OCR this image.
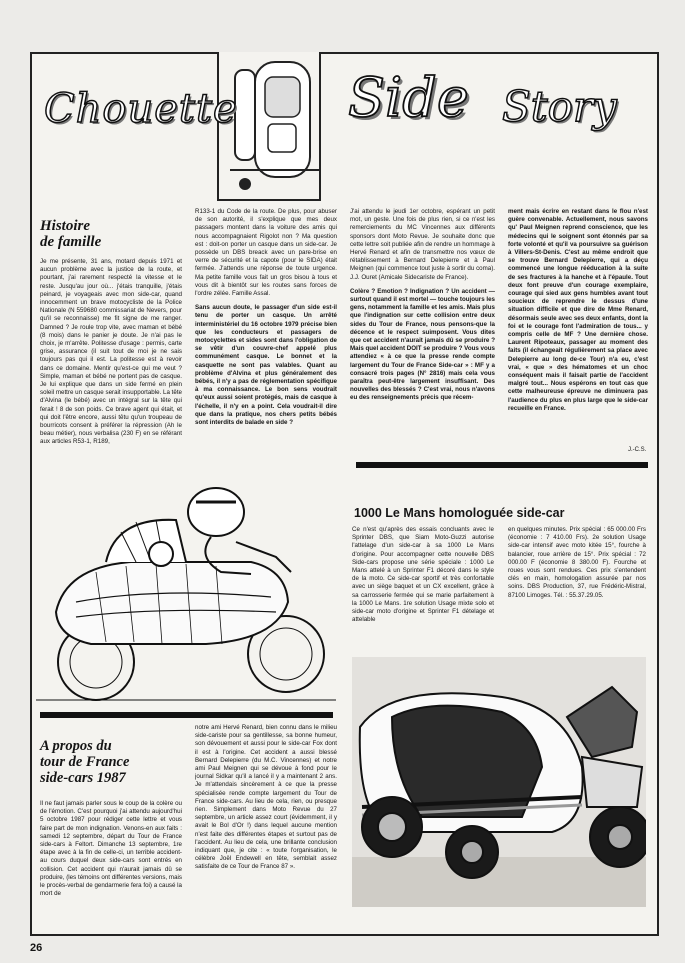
Chouette Side Story
Histoire
de famille

Je me présente, 31 ans, motard depuis 1971 et aucun problème avec la justice de la route, et pourtant, j'ai rarement respecté la vitesse et le reste. Jusqu'au jour où... j'étais tranquille, j'étais peinard, je voyageais avec mon side-car, quand innocemment un brave motocycliste de la Police Nationale (N 559680 commissariat de Nevers, pour qu'il se reconnaisse) me fit signe de me ranger. Damned ? Je roule trop vite, avec maman et bébé (8 mois) dans le panier je doute. Je n'ai pas le choix, je m'arrête. Politesse d'usage : permis, carte grise, assurance (il suit tout de moi je ne sais toujours pas qui il est. La politesse est à revoir dans ce domaine. Mentir qu'est-ce qui me veut ? Simple, maman et bébé ne portent pas de casque. Je lui explique que dans un side fermé en plein soleil mettre un casque serait insupportable. La tête d'Alvina (le bébé) avec un intégral sur la tête qui ferait ! 8 de son poids. Ce brave agent qui était, et qui doit l'être encore, aussi têtu qu'un troupeau de bourricots consent à préférer la répression (Ah le beau métier), nous verbalisa (230 F) en se référant aux articles R53-1, R189,

R133-1 du Code de la route. De plus, pour abuser de son autorité, il s'explique que mes deux passagers montent dans la voiture des amis qui nous accompagnaient Rigolot non ? Ma question est : doit-on porter un casque dans un side-car. Je possède un DBS breack avec un pare-brise en verre de sécurité et la capote (pour le SIDA) était fermée. J'attends une réponse de toute urgence. Ma petite famille vous fait un gros bisou à tous et vous dit à bientôt sur les routes sans forces de l'ordre zélée. Famille Assal.

Sans aucun doute, le passager d'un side est-il tenu de porter un casque. Un arrêté interministériel du 16 octobre 1979 précise bien que les conducteurs et passagers de motocyclettes et sides sont dans l'obligation de se vêtir d'un couvre-chef appelé plus communément casque. Le bonnet et la casquette ne sont pas valables. Quant au problème d'Alvina et plus généralement des bébés, il n'y a pas de réglementation spécifique à ma connaissance. Le bon sens voudrait qu'eux aussi soient protégés, mais de casque à l'échelle, il n'y en a point. Cela voudrait-il dire que dans la pratique, nos chers petits bébés sont interdits de balade en side ?

J'ai attendu le jeudi 1er octobre, espérant un petit mot, un geste. Une fois de plus rien, si ce n'est les remerciements du MC Vincennes aux différents sponsors dont Moto Revue. Je souhaite donc que cette lettre soit publiée afin de rendre un hommage à Hervé Renard et afin de transmettre nos vœux de rétablissement à Bernard Delepierre et à Paul Meignen (qui commence tout juste à sortir du coma). J.J. Ouret (Amicale Sidecariste de France).

Colère ? Emotion ? Indignation ? Un accident — surtout quand il est mortel — touche toujours les gens, notamment la famille et les amis. Mais plus que l'indignation sur cette collision entre deux sides du Tour de France, nous pensons-que la décence et le respect suimposent. Vous dites que cet accident n'aurait jamais dû se produire ? Mais quel accident DOIT se produire ? Vous vous attendiez « à ce que la presse rende compte largement du Tour de France Side-car » : MF y a consacré trois pages (N° 2816) mais cela vous paraîtra peut-être largement insuffisant. Des nouvelles des blessés ? C'est vrai, nous n'avons eu des renseignements précis que récem-

ment mais écrire en restant dans le flou n'est guère convenable. Actuellement, nous savons qu' Paul Meignen reprend conscience, que les médecins qui le soignent sont étonnés par sa forte volonté et qu'il va poursuivre sa guérison à Villers-St-Denis. C'est au même endroit que se trouve Bernard Delepierre, qui a déçu commencé une longue rééducation à la suite de ses fractures à la hanche et à l'épaule. Tout deux font preuve d'un courage exemplaire, courage qui sied aux gens humbles avant tout soucieux de reprendre le dessus d'une situation difficile et que dire de Mme Renard, désormais seule avec ses deux enfants, dont la foi et le courage font l'admiration de tous... y compris celle de MF ? Une dernière chose. Laurent Ripoteaux, passager au moment des faits (il échangeait régulièrement sa place avec Delepierre au long de-ce Tour) n'a eu, c'est vrai, « que » des hématomes et un choc conséquent mais il faisait partie de l'accident malgré tout... Nous espérons en tout cas que cette malheureuse épreuve ne diminuera pas l'audience du plus en plus large que le side-car recueille en France.

J.-C.S.
1000 Le Mans homologuée side-car

Ce n'est qu'après des essais concluants avec le Sprinter DBS, que Siam Moto-Guzzi autorise l'attelage d'un side-car à sa 1000 Le Mans d'origine. Pour accompagner cette nouvelle DBS Side-cars propose une série spéciale : 1000 Le Mans attelé à un Sprinter F1 décoré dans le style de la moto. Ce side-car sportif et très confortable avec un siège baquet et un CX excellent, grâce à sa carrosserie fermée qui se marie parfaitement à la 1000 Le Mans. 1re solution Usage mixte solo et side-car moto d'origine et Sprinter F1 dételage et attelable

en quelques minutes. Prix spécial : 65 000.00 Frs (économie : 7 410.00 Frs). 2e solution Usage side-car intensif avec moto kitée 15°, fourche à balancier, roue arrière de 15°. Prix spécial : 72 000.00 F (économie 8 380.00 F). Fourche et roues vous sont rendues. Ces prix s'entendent clés en main, homologation assurée par nos soins. DBS Production, 37, rue Frédéric-Mistral, 87100 Limoges. Tél. : 55.37.29.05.

A propos du
tour de France
side-cars 1987

Il ne faut jamais parler sous le coup de la colère ou de l'émotion. C'est pourquoi j'ai attendu aujourd'hui 5 octobre 1987 pour rédiger cette lettre et vous faire part de mon indignation. Venons-en aux faits : samedi 12 septembre, départ du Tour de France side-cars à Feltort. Dimanche 13 septembre, 1re étape avec à la fin de celle-ci, un terrible accident-au cours duquel deux side-cars sont entrés en collision. Cet accident qui n'aurait jamais dû se produire, (les témoins ont différentes versions, mais le procès-verbal de gendarmerie fera foi) a causé la mort de

notre ami Hervé Renard, bien connu dans le milieu side-cariste pour sa gentillesse, sa bonne humeur, son dévouement et aussi pour le side-car Fox dont il est à l'origine. Cet accident a aussi blessé Bernard Delepierre (du M.C. Vincennes) et notre ami Paul Meignen qui se dévoue à fond pour le journal Sidkar qu'il a lancé il y a maintenant 2 ans. Je m'attendais sincèrement à ce que la presse spécialisée rende compte largement du Tour de France side-cars. Au lieu de cela, rien, ou presque rien. Simplement dans Moto Revue du 27 septembre, un article assez court (évidemment, il y avait le Bol d'Or !) dans lequel aucune mention n'est faite des différentes étapes et surtout pas de l'accident. Au lieu de cela, une brillante conclusion indiquant que, je cite : « toute l'organisation, le célèbre Joël Endewell en tête, semblait assez satisfaite de ce Tour de France 87 ».

26
